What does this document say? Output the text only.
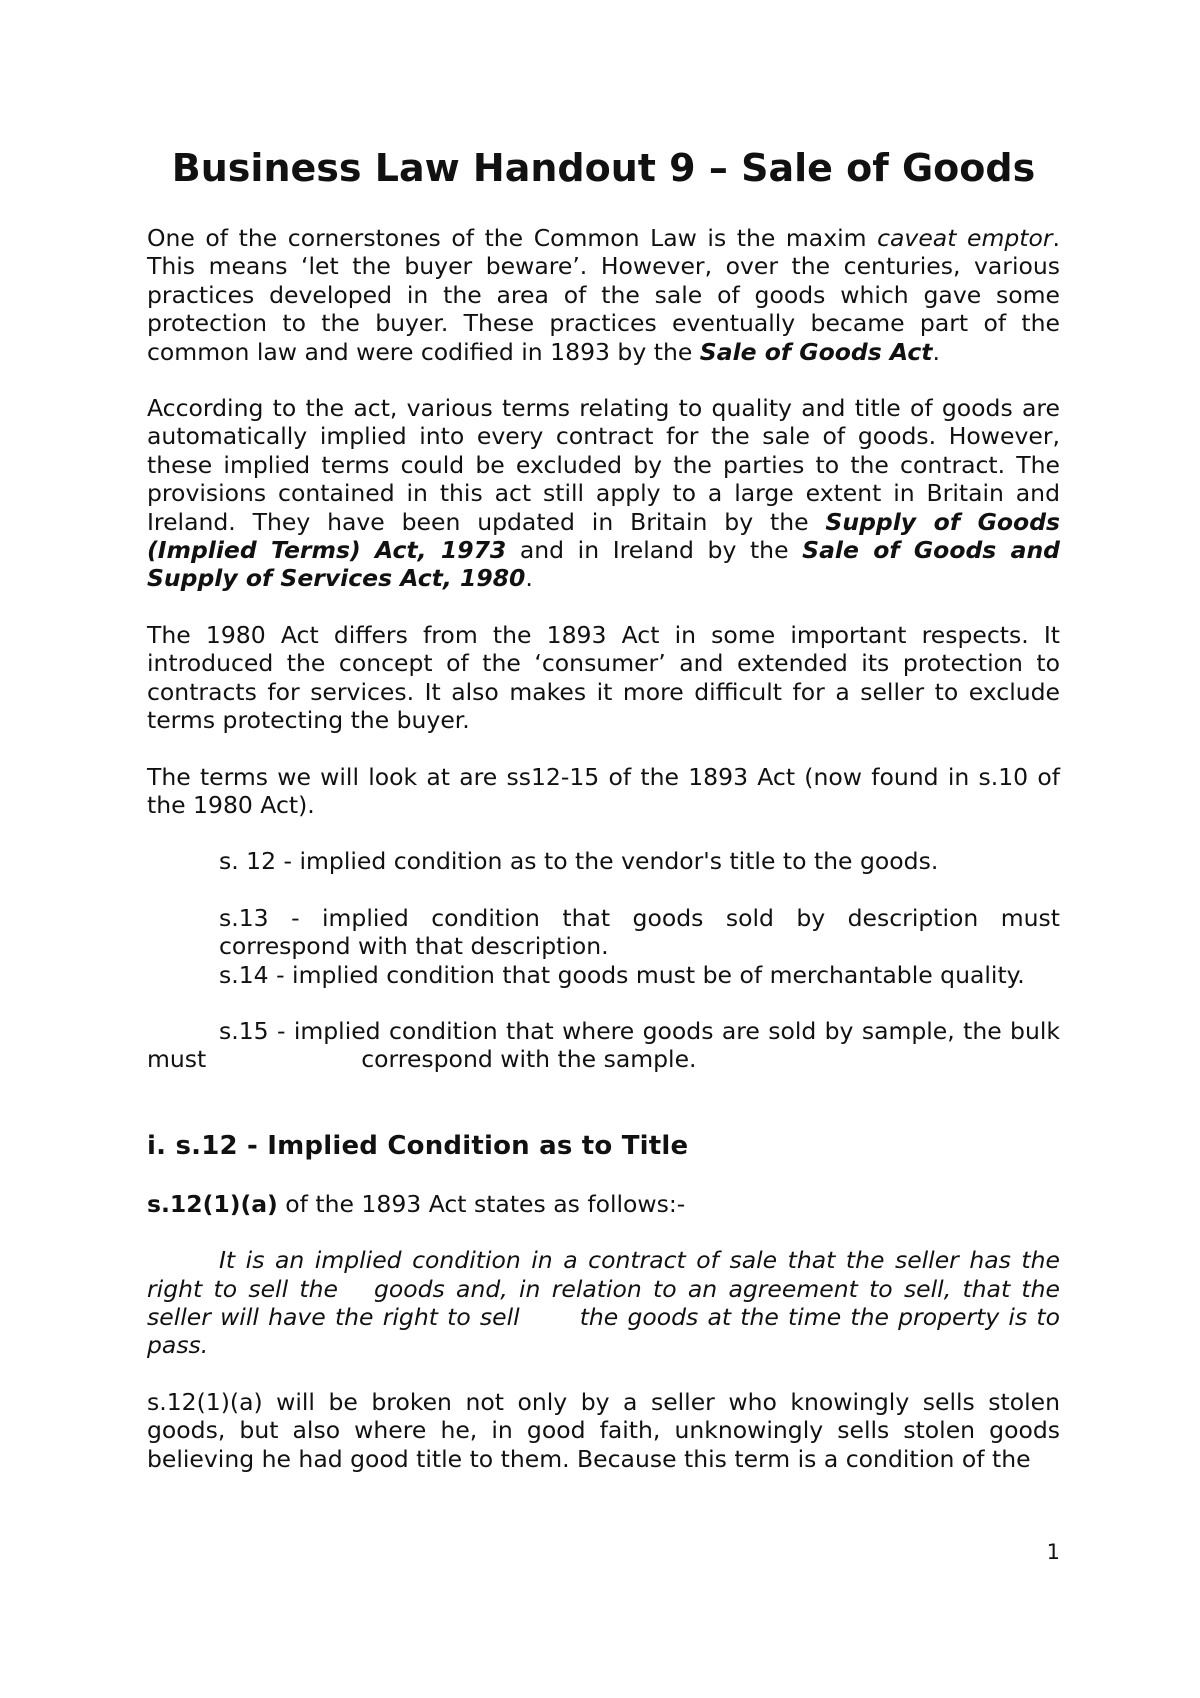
Business Law Handout 9 – Sale of Goods

One of the cornerstones of the Common Law is the maxim caveat emptor. This means ‘let the buyer beware’. However, over the centuries, various practices developed in the area of the sale of goods which gave some protection to the buyer. These practices eventually became part of the common law and were codified in 1893 by the Sale of Goods Act.

According to the act, various terms relating to quality and title of goods are automatically implied into every contract for the sale of goods. However, these implied terms could be excluded by the parties to the contract. The provisions contained in this act still apply to a large extent in Britain and Ireland. They have been updated in Britain by the Supply of Goods (Implied Terms) Act, 1973 and in Ireland by the Sale of Goods and Supply of Services Act, 1980.

The 1980 Act differs from the 1893 Act in some important respects. It introduced the concept of the ‘consumer’ and extended its protection to contracts for services. It also makes it more difficult for a seller to exclude terms protecting the buyer.

The terms we will look at are ss12-15 of the 1893 Act (now found in s.10 of the 1980 Act).

s. 12 - implied condition as to the vendor's title to the goods.

s.13 - implied condition that goods sold by description must correspond with that description.

s.14 - implied condition that goods must be of merchantable quality.

s.15 - implied condition that where goods are sold by sample, the bulk must	correspond with the sample.

i. s.12 - Implied Condition as to Title

s.12(1)(a) of the 1893 Act states as follows:-

It is an implied condition in a contract of sale that the seller has the right to sell the goods and, in relation to an agreement to sell, that the seller will have the right to sell	the goods at the time the property is to pass.

s.12(1)(a) will be broken not only by a seller who knowingly sells stolen goods, but also where he, in good faith, unknowingly sells stolen goods believing he had good title to them. Because this term is a condition of the

1
